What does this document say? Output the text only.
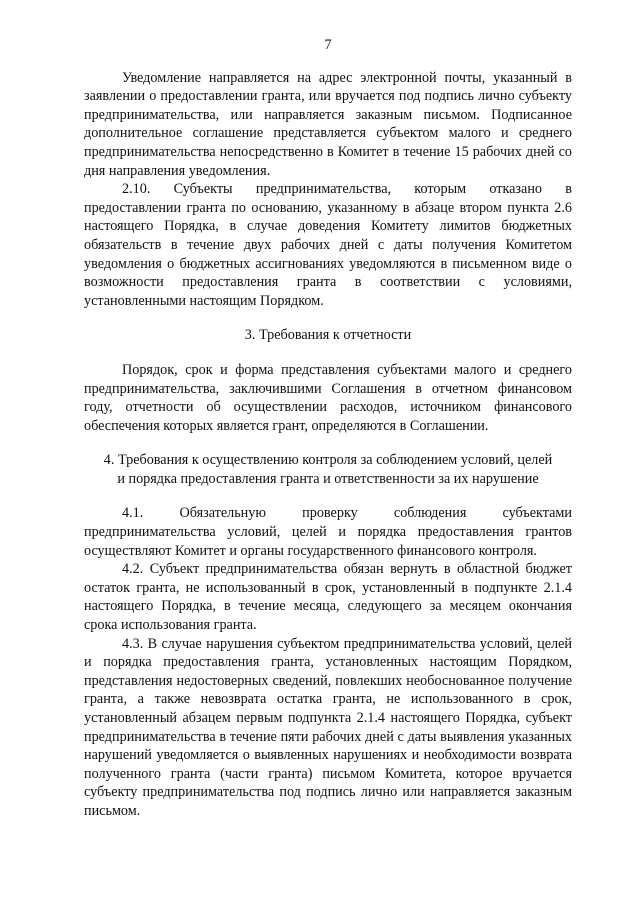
7

Уведомление направляется на адрес электронной почты, указанный в заявлении о предоставлении гранта, или вручается под подпись лично субъекту предпринимательства, или направляется заказным письмом. Подписанное дополнительное соглашение представляется субъектом малого и среднего предпринимательства непосредственно в Комитет в течение 15 рабочих дней со дня направления уведомления.

2.10. Субъекты предпринимательства, которым отказано в предоставлении гранта по основанию, указанному в абзаце втором пункта 2.6 настоящего Порядка, в случае доведения Комитету лимитов бюджетных обязательств в течение двух рабочих дней с даты получения Комитетом уведомления о бюджетных ассигнованиях уведомляются в письменном виде о возможности предоставления гранта в соответствии с условиями, установленными настоящим Порядком.

3. Требования к отчетности

Порядок, срок и форма представления субъектами малого и среднего предпринимательства, заключившими Соглашения в отчетном финансовом году, отчетности об осуществлении расходов, источником финансового обеспечения которых является грант, определяются в Соглашении.

4. Требования к осуществлению контроля за соблюдением условий, целей

и порядка предоставления гранта и ответственности за их нарушение

4.1. Обязательную проверку соблюдения субъектами предпринимательства условий, целей и порядка предоставления грантов осуществляют Комитет и органы государственного финансового контроля.

4.2. Субъект предпринимательства обязан вернуть в областной бюджет остаток гранта, не использованный в срок, установленный в подпункте 2.1.4 настоящего Порядка, в течение месяца, следующего за месяцем окончания срока использования гранта.

4.3. В случае нарушения субъектом предпринимательства условий, целей и порядка предоставления гранта, установленных настоящим Порядком, представления недостоверных сведений, повлекших необоснованное получение гранта, а также невозврата остатка гранта, не использованного в срок, установленный абзацем первым подпункта 2.1.4 настоящего Порядка, субъект предпринимательства в течение пяти рабочих дней с даты выявления указанных нарушений уведомляется о выявленных нарушениях и необходимости возврата полученного гранта (части гранта) письмом Комитета, которое вручается субъекту предпринимательства под подпись лично или направляется заказным письмом.
